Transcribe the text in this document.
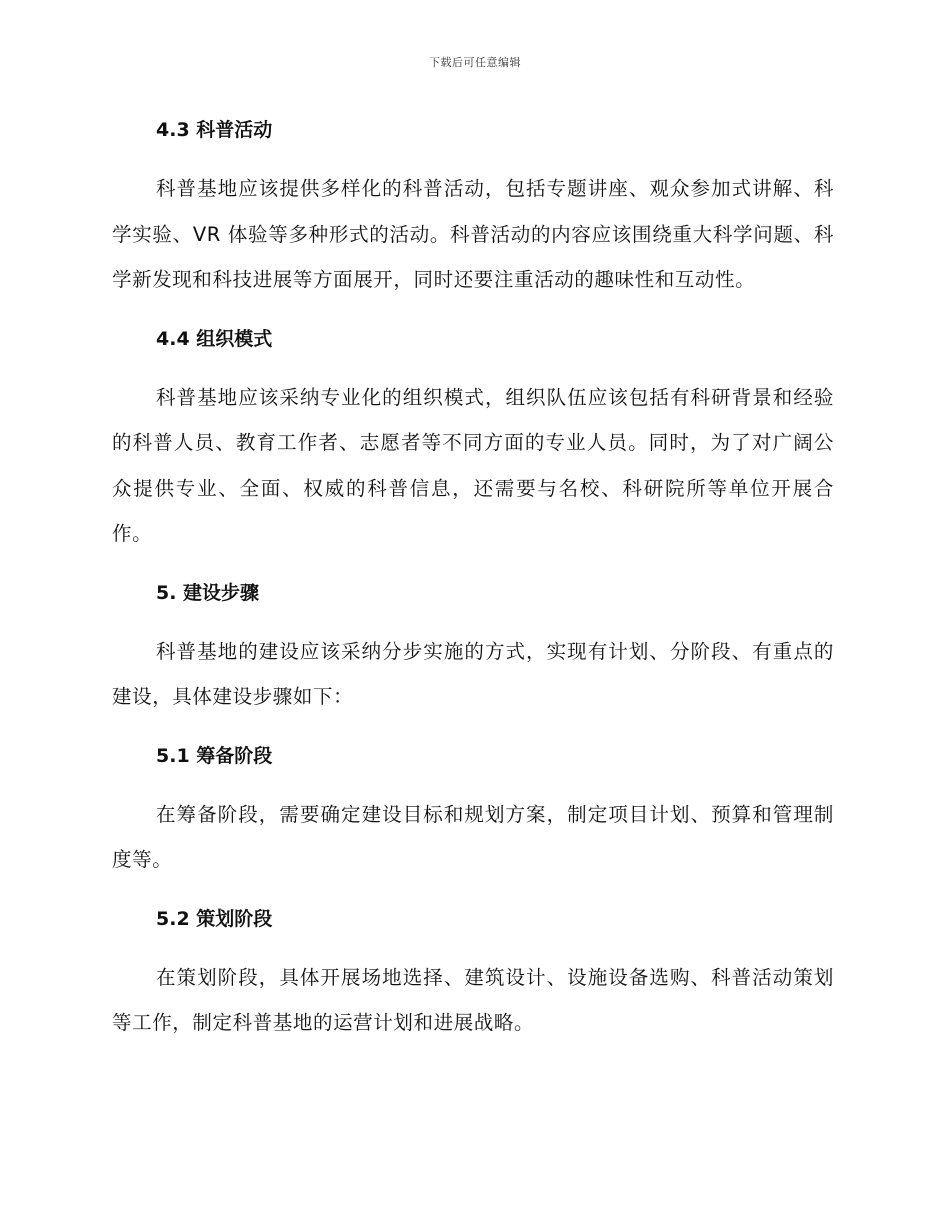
下载后可任意编辑
4.3 科普活动
科普基地应该提供多样化的科普活动，包括专题讲座、观众参加式讲解、科学实验、VR 体验等多种形式的活动。科普活动的内容应该围绕重大科学问题、科学新发现和科技进展等方面展开，同时还要注重活动的趣味性和互动性。
4.4 组织模式
科普基地应该采纳专业化的组织模式，组织队伍应该包括有科研背景和经验的科普人员、教育工作者、志愿者等不同方面的专业人员。同时，为了对广阔公众提供专业、全面、权威的科普信息，还需要与名校、科研院所等单位开展合作。
5. 建设步骤
科普基地的建设应该采纳分步实施的方式，实现有计划、分阶段、有重点的建设，具体建设步骤如下：
5.1 筹备阶段
在筹备阶段，需要确定建设目标和规划方案，制定项目计划、预算和管理制度等。
5.2 策划阶段
在策划阶段，具体开展场地选择、建筑设计、设施设备选购、科普活动策划等工作，制定科普基地的运营计划和进展战略。
